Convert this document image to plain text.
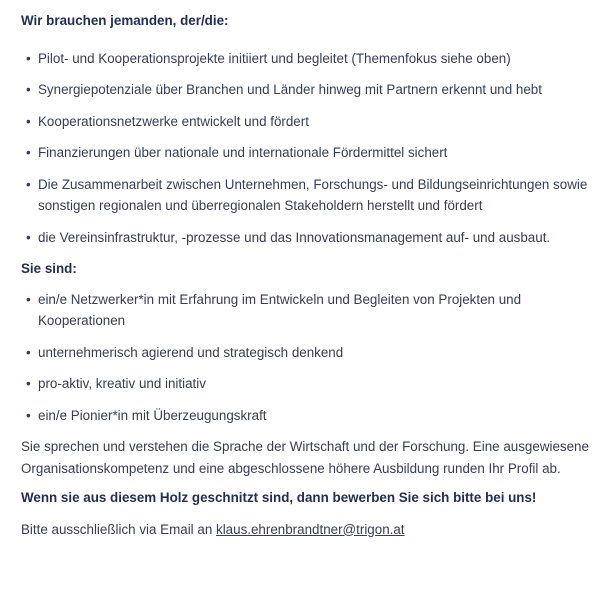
Wir brauchen jemanden, der/die:
• Pilot- und Kooperationsprojekte initiiert und begleitet (Themenfokus siehe oben)
• Synergiepotenziale über Branchen und Länder hinweg mit Partnern erkennt und hebt
• Kooperationsnetzwerke entwickelt und fördert
• Finanzierungen über nationale und internationale Fördermittel sichert
• Die Zusammenarbeit zwischen Unternehmen, Forschungs- und Bildungseinrichtungen sowie sonstigen regionalen und überregionalen Stakeholdern herstellt und fördert
• die Vereinsinfrastruktur, -prozesse und das Innovationsmanagement auf- und ausbaut.
Sie sind:
• ein/e Netzwerker*in mit Erfahrung im Entwickeln und Begleiten von Projekten und Kooperationen
• unternehmerisch agierend und strategisch denkend
• pro-aktiv, kreativ und initiativ
• ein/e Pionier*in mit Überzeugungskraft

Sie sprechen und verstehen die Sprache der Wirtschaft und der Forschung. Eine ausgewiesene Organisationskompetenz und eine abgeschlossene höhere Ausbildung runden Ihr Profil ab.

Wenn sie aus diesem Holz geschnitzt sind, dann bewerben Sie sich bitte bei uns!

Bitte ausschließlich via Email an klaus.ehrenbrandtner@trigon.at
